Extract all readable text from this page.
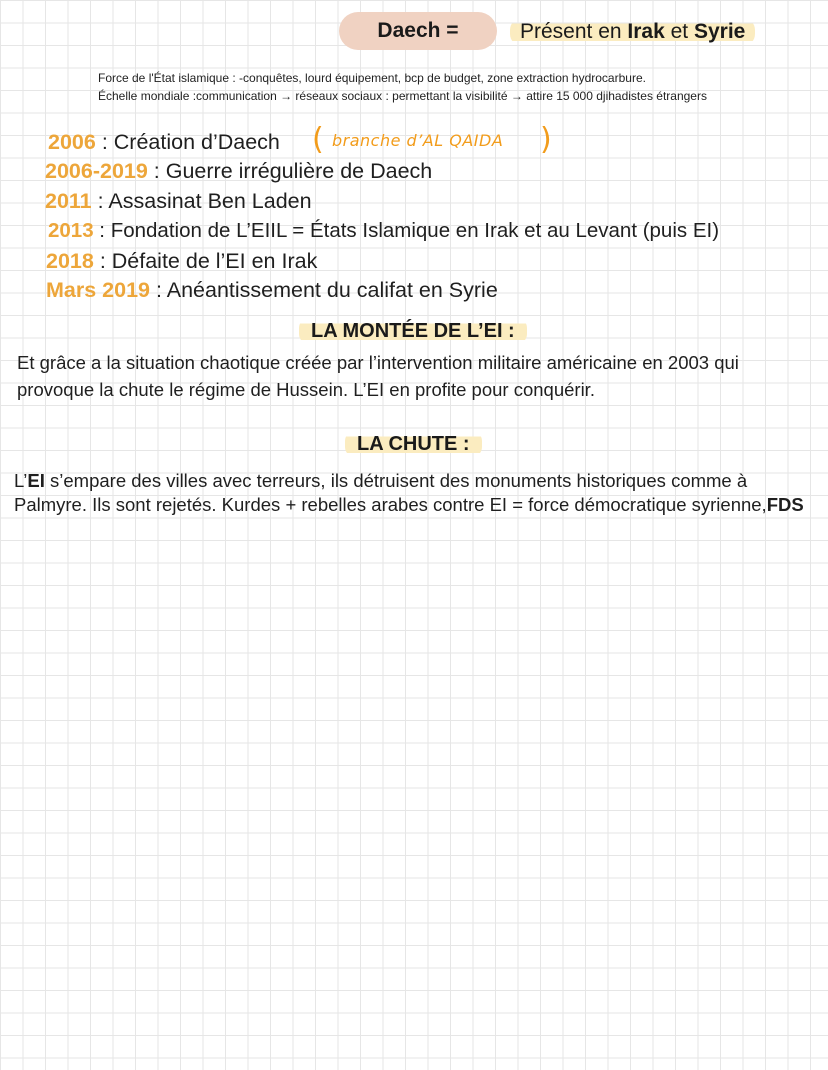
Daech =	Présent en Irak et Syrie
Force de l'État islamique : -conquêtes, lourd équipement, bcp de budget, zone extraction hydrocarbure.
Échelle mondiale :communication → réseaux sociaux : permettant la visibilité → attire 15 000 djihadistes étrangers
2006 : Création d’Daech ( branche d’AL QAIDA )
2006-2019 : Guerre irrégulière de Daech
2011 : Assasinat Ben Laden
2013 : Fondation de L’EIIL = États Islamique en Irak et au Levant (puis EI)
2018 : Défaite de l’EI en Irak
Mars 2019 : Anéantissement du califat en Syrie
LA MONTÉE DE L’EI :
Et grâce a la situation chaotique créée par l’intervention militaire américaine en 2003 qui
provoque la chute le régime de Hussein. L’EI en profite pour conquérir.
LA CHUTE :
L’EI s’empare des villes avec terreurs, ils détruisent des monuments historiques comme à Palmyre. Ils sont rejetés. Kurdes + rebelles arabes contre EI = force démocratique syrienne,FDS
